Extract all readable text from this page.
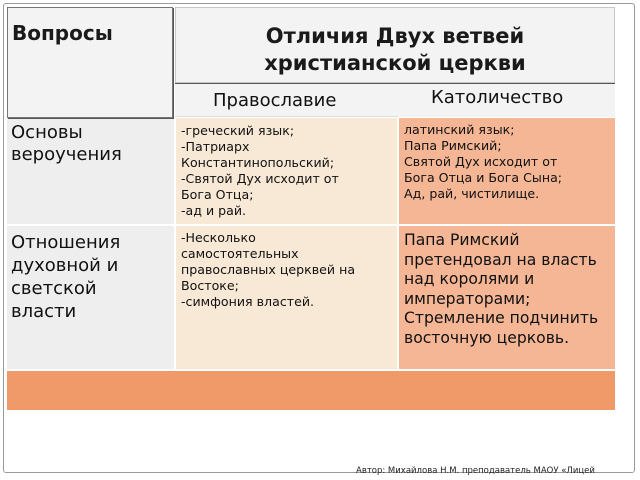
Основы
вероучения
-греческий язык;
-Патриарх
Константинопольский;
-Святой Дух исходит от
Бога Отца;
-ад и рай.
латинский язык;
Папа Римский;
Святой Дух исходит от
Бога Отца и Бога Сына;
Ад, рай, чистилище.
Отношения
духовной и
светской
власти
-Несколько
самостоятельных
православных церквей на
Востоке;
-симфония властей.
Папа Римский
претендовал на власть
над королями и
императорами;
Стремление подчинить
восточную церковь.
Отличия Двух ветвей
христианской церкви
Православие	Католичество
Вопросы
Автор: Михайлова Н.М. преподаватель МАОУ «Лицей
